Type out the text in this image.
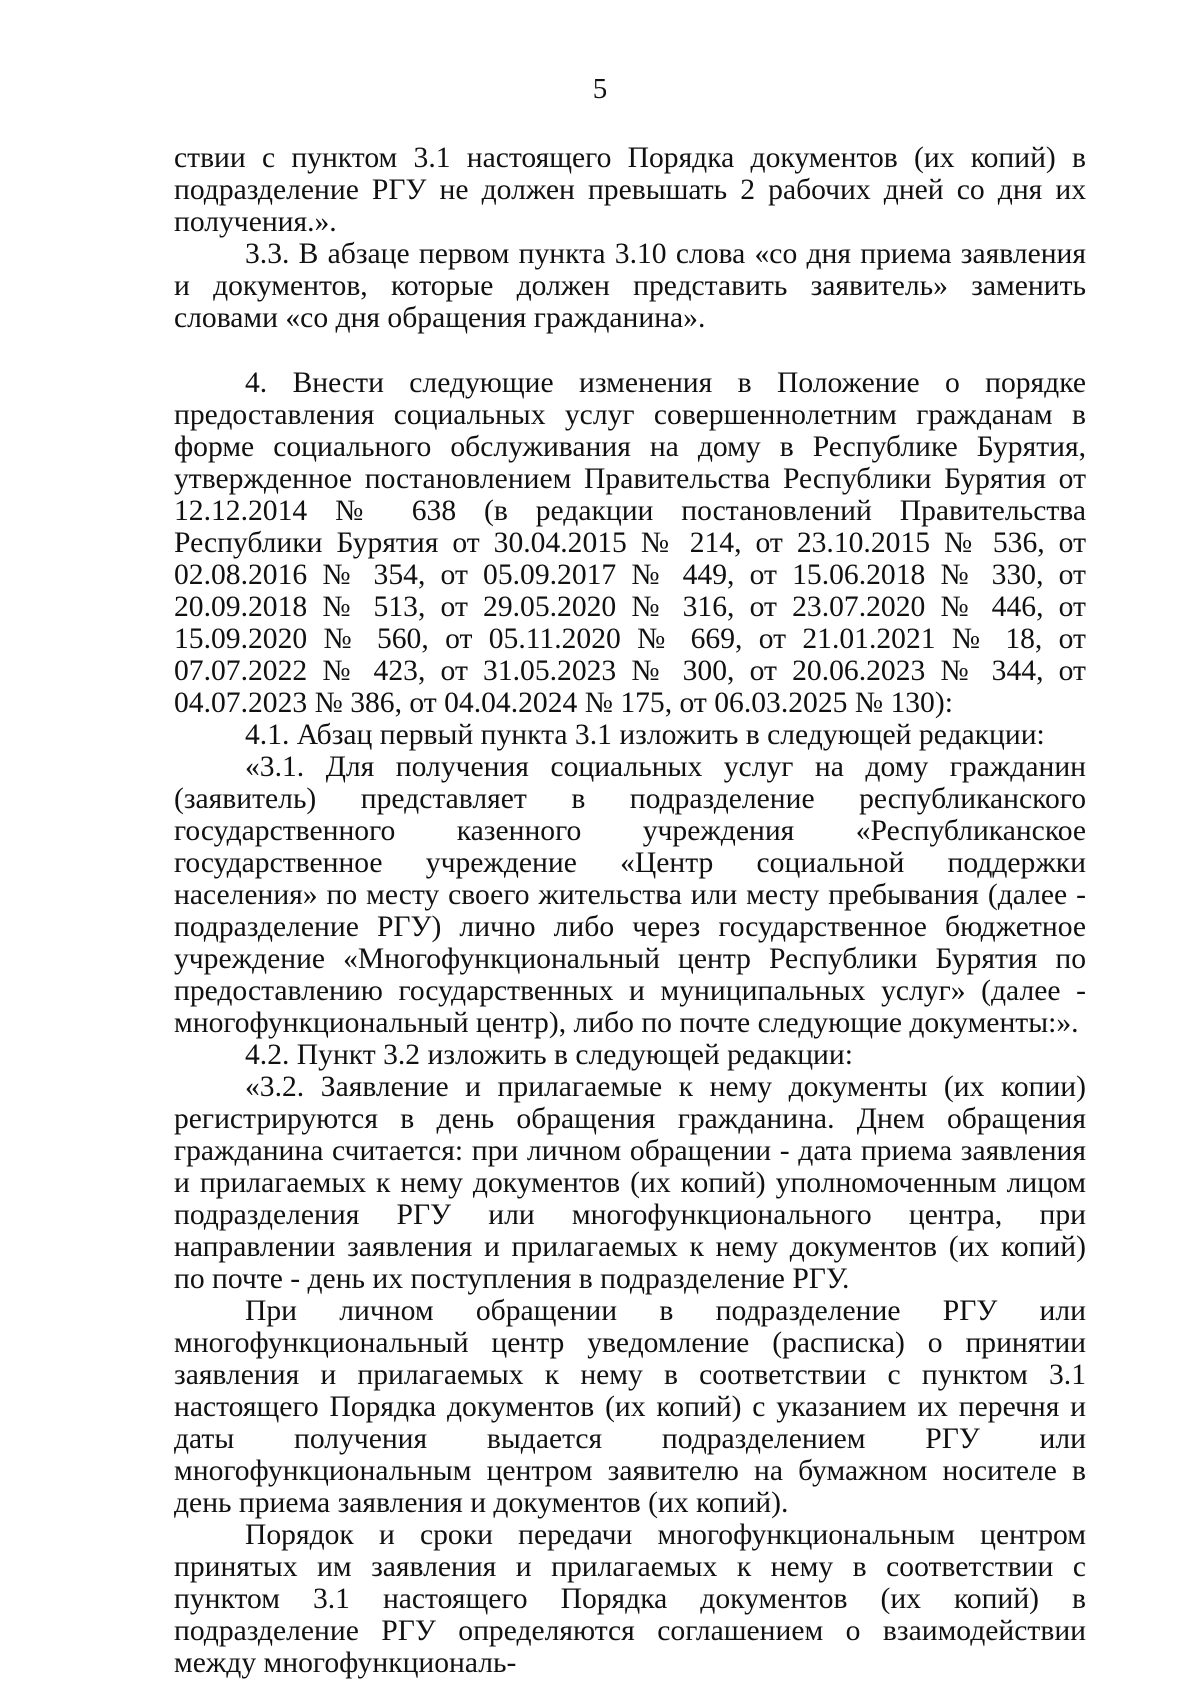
5

ствии с пунктом 3.1 настоящего Порядка документов (их копий) в подразделение РГУ не должен превышать 2 рабочих дней со дня их получения.».

3.3. В абзаце первом пункта 3.10 слова «со дня приема заявления и документов, которые должен представить заявитель» заменить словами «со дня обращения гражданина».

4. Внести следующие изменения в Положение о порядке предоставления социальных услуг совершеннолетним гражданам в форме социального обслуживания на дому в Республике Бурятия, утвержденное постановлением Правительства Республики Бурятия от 12.12.2014 № 638 (в редакции постановлений Правительства Республики Бурятия от 30.04.2015 № 214, от 23.10.2015 № 536, от 02.08.2016 № 354, от 05.09.2017 № 449, от 15.06.2018 № 330, от 20.09.2018 № 513, от 29.05.2020 № 316, от 23.07.2020 № 446, от 15.09.2020 № 560, от 05.11.2020 № 669, от 21.01.2021 № 18, от 07.07.2022 № 423, от 31.05.2023 № 300, от 20.06.2023 № 344, от 04.07.2023 № 386, от 04.04.2024 № 175, от 06.03.2025 № 130):

4.1. Абзац первый пункта 3.1 изложить в следующей редакции:

«3.1. Для получения социальных услуг на дому гражданин (заявитель) представляет в подразделение республиканского государственного казенного учреждения «Республиканское государственное учреждение «Центр социальной поддержки населения» по месту своего жительства или месту пребывания (далее - подразделение РГУ) лично либо через государственное бюджетное учреждение «Многофункциональный центр Республики Бурятия по предоставлению государственных и муниципальных услуг» (далее - многофункциональный центр), либо по почте следующие документы:».

4.2. Пункт 3.2 изложить в следующей редакции:

«3.2. Заявление и прилагаемые к нему документы (их копии) регистрируются в день обращения гражданина. Днем обращения гражданина считается: при личном обращении - дата приема заявления и прилагаемых к нему документов (их копий) уполномоченным лицом подразделения РГУ или многофункционального центра, при направлении заявления и прилагаемых к нему документов (их копий) по почте - день их поступления в подразделение РГУ.

При личном обращении в подразделение РГУ или многофункциональный центр уведомление (расписка) о принятии заявления и прилагаемых к нему в соответствии с пунктом 3.1 настоящего Порядка документов (их копий) с указанием их перечня и даты получения выдается подразделением РГУ или многофункциональным центром заявителю на бумажном носителе в день приема заявления и документов (их копий).

Порядок и сроки передачи многофункциональным центром принятых им заявления и прилагаемых к нему в соответствии с пунктом 3.1 настоящего Порядка документов (их копий) в подразделение РГУ определяются соглашением о взаимодействии между многофункциональ-
